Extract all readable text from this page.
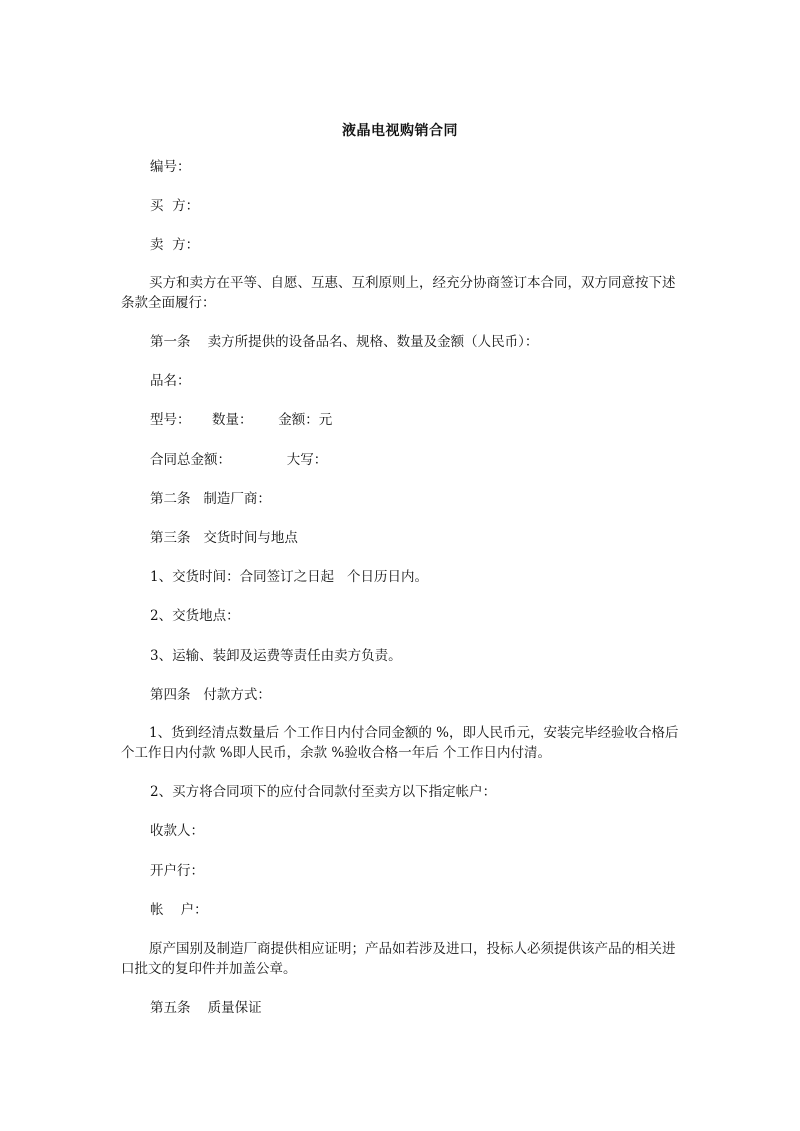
液晶电视购销合同
编号：
买  方：
卖  方：
买方和卖方在平等、自愿、互惠、互利原则上，经充分协商签订本合同，双方同意按下述条款全面履行：
第一条    卖方所提供的设备品名、规格、数量及金额（人民币）：
品名：
型号：     数量：      金额：元
合同总金额：             大写：
第二条   制造厂商：
第三条   交货时间与地点
1、交货时间：合同签订之日起   个日历日内。
2、交货地点：
3、运输、装卸及运费等责任由卖方负责。
第四条   付款方式：
1、货到经清点数量后 个工作日内付合同金额的 %，即人民币元，安装完毕经验收合格后 个工作日内付款 %即人民币，余款 %验收合格一年后 个工作日内付清。
2、买方将合同项下的应付合同款付至卖方以下指定帐户：
收款人：
开户行：
帐    户：
原产国别及制造厂商提供相应证明；产品如若涉及进口，投标人必须提供该产品的相关进口批文的复印件并加盖公章。
第五条    质量保证
